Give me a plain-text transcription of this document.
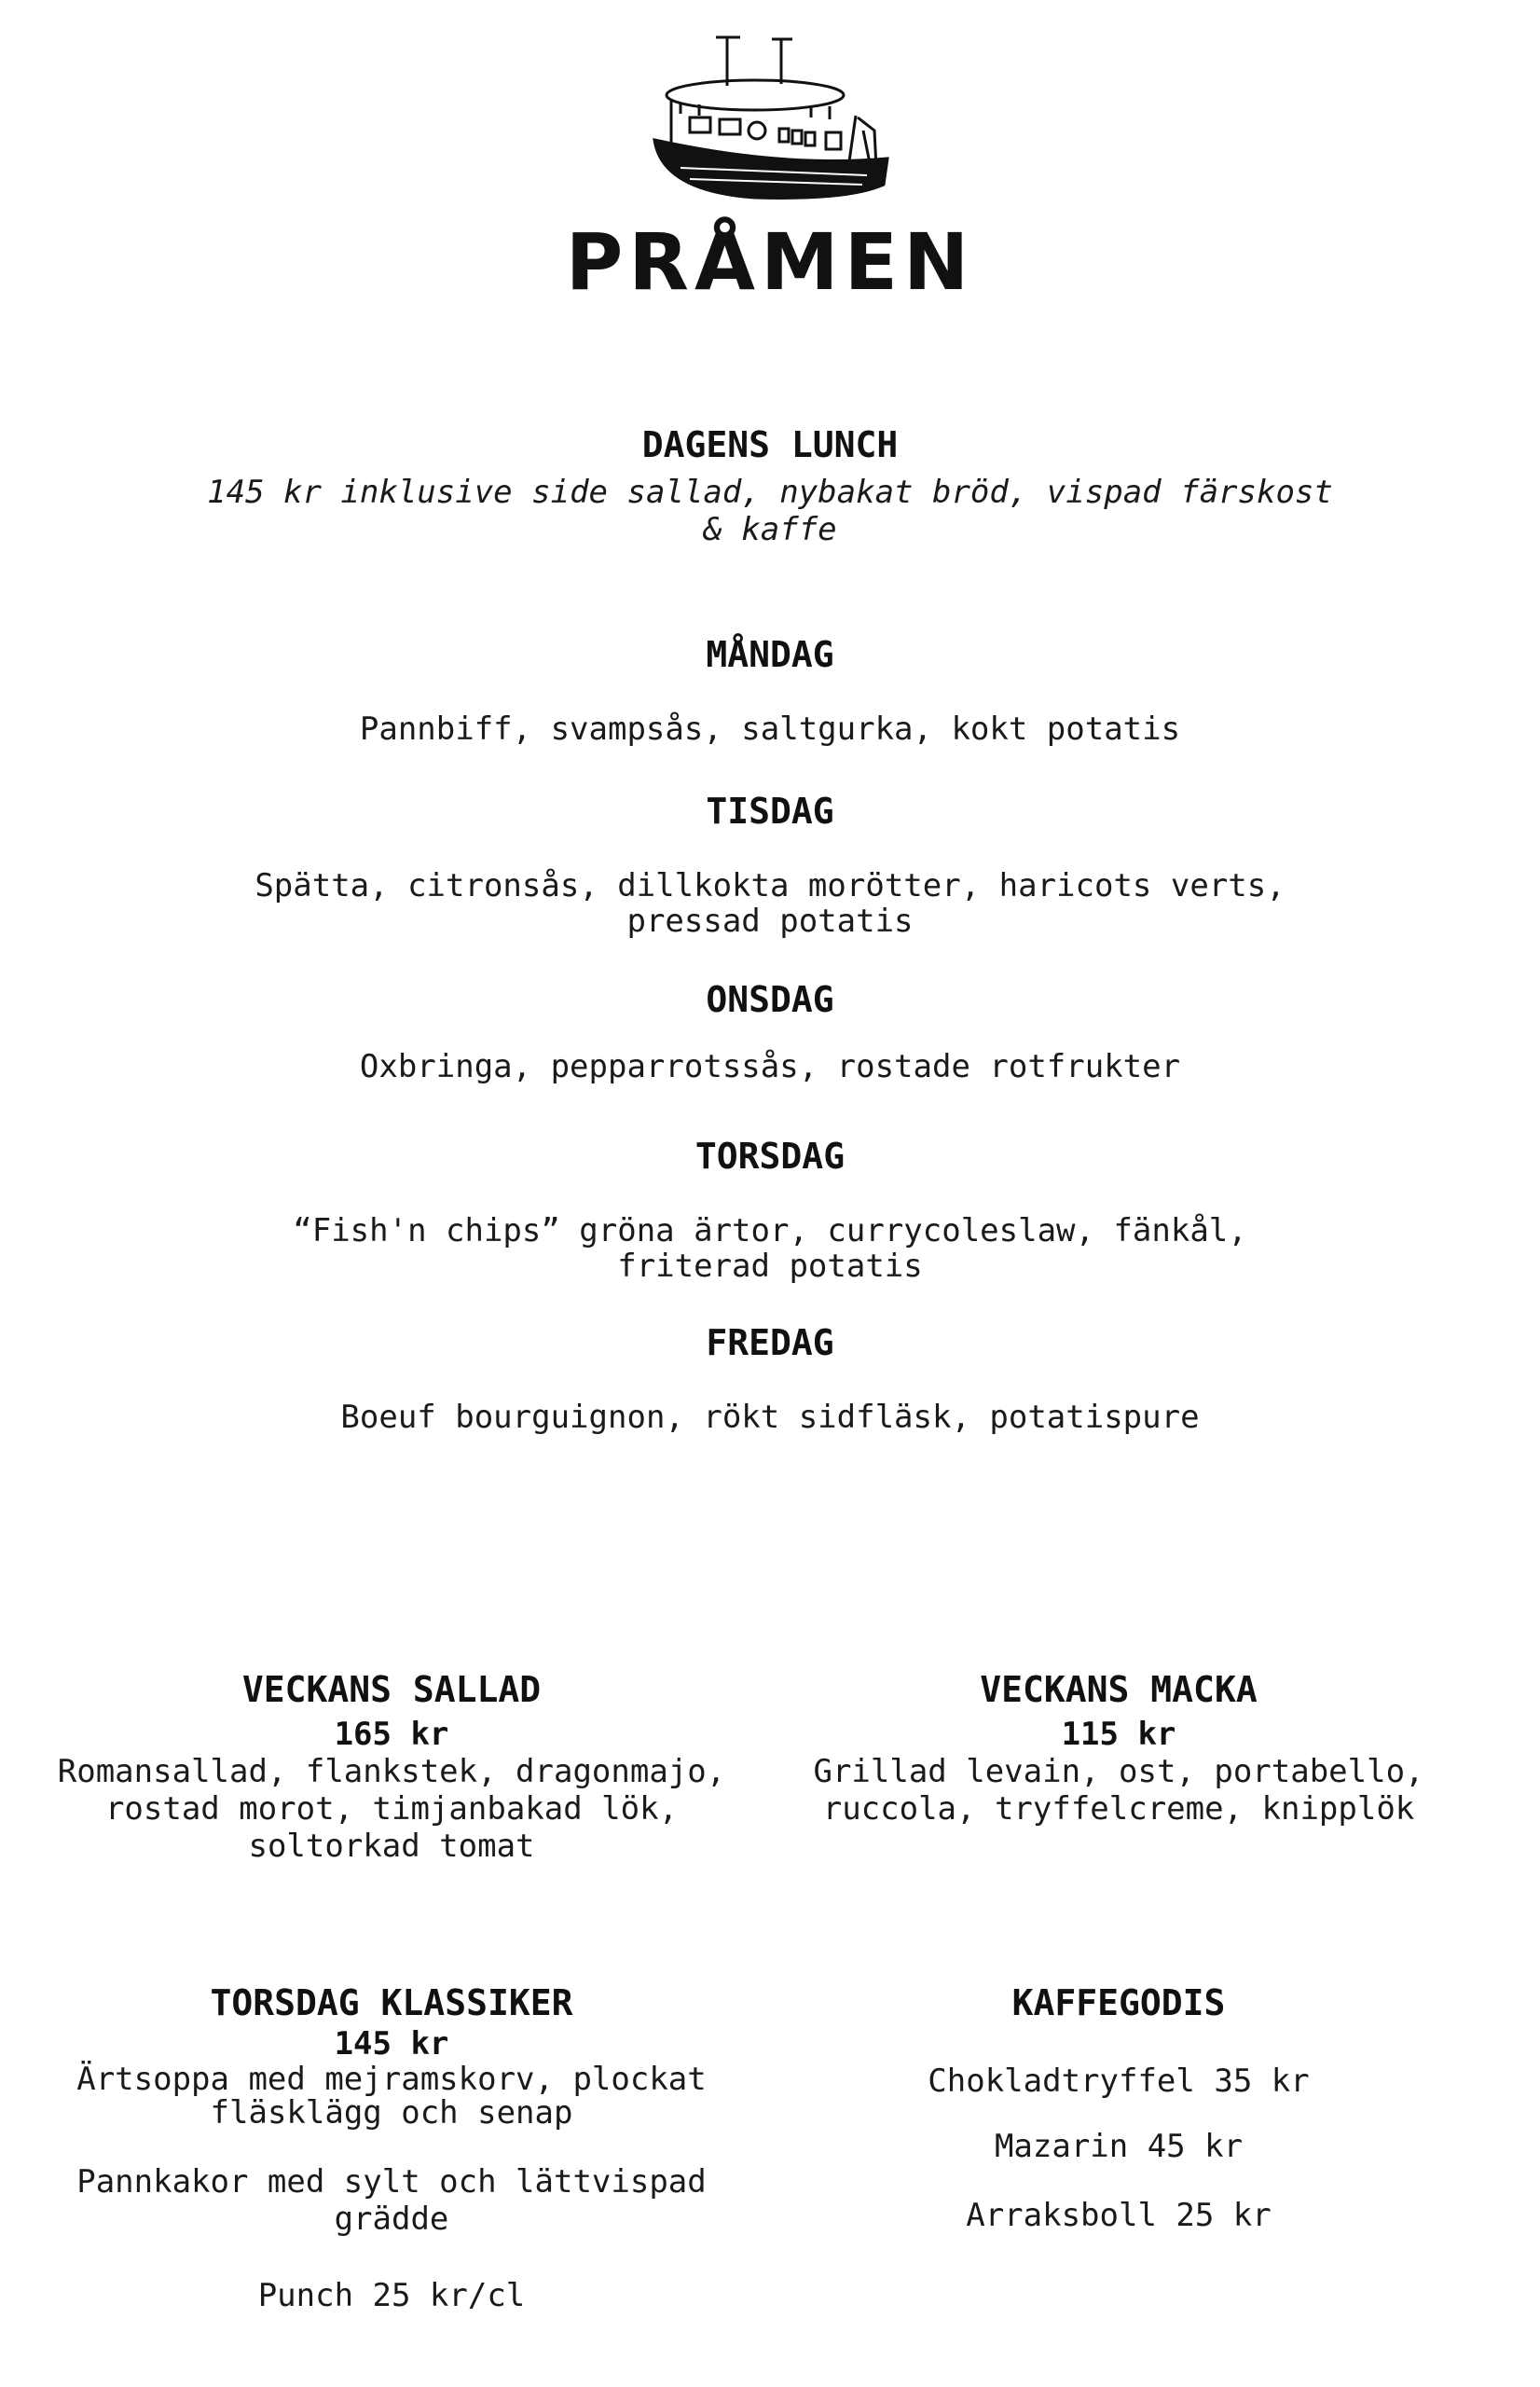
PRÅMEN
DAGENS LUNCH
145 kr inklusive side sallad, nybakat bröd, vispad färskost
& kaffe
MÅNDAG
Pannbiff, svampsås, saltgurka, kokt potatis
TISDAG
Spätta, citronsås, dillkokta morötter, haricots verts,
pressad potatis
ONSDAG
Oxbringa, pepparrotssås, rostade rotfrukter
TORSDAG
“Fish'n chips” gröna ärtor, currycoleslaw, fänkål,
friterad potatis
FREDAG
Boeuf bourguignon, rökt sidfläsk, potatispure
VECKANS SALLAD
165 kr
Romansallad, flankstek, dragonmajo,
rostad morot, timjanbakad lök,
soltorkad tomat
VECKANS MACKA
115 kr
Grillad levain, ost, portabello,
ruccola, tryffelcreme, knipplök
TORSDAG KLASSIKER
145 kr
Ärtsoppa med mejramskorv, plockat
fläsklägg och senap
Pannkakor med sylt och lättvispad
grädde
Punch 25 kr/cl
KAFFEGODIS
Chokladtryffel 35 kr
Mazarin 45 kr
Arraksboll 25 kr
